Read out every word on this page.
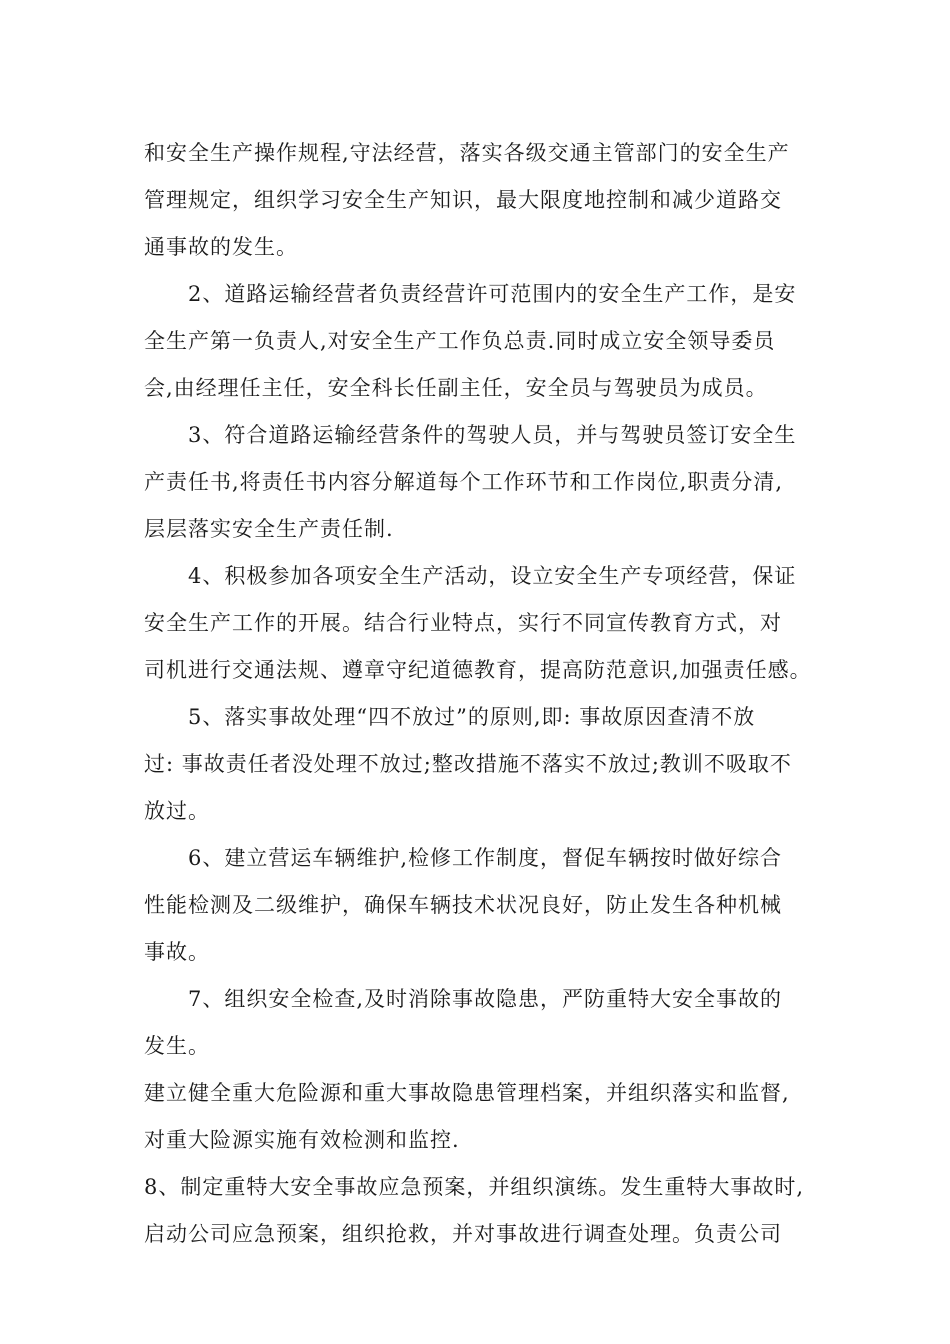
和安全生产操作规程,守法经营，落实各级交通主管部门的安全生产
管理规定，组织学习安全生产知识，最大限度地控制和减少道路交
通事故的发生。
　　2、道路运输经营者负责经营许可范围内的安全生产工作，是安
全生产第一负责人,对安全生产工作负总责.同时成立安全领导委员
会,由经理任主任，安全科长任副主任，安全员与驾驶员为成员。
　　3、符合道路运输经营条件的驾驶人员，并与驾驶员签订安全生
产责任书,将责任书内容分解道每个工作环节和工作岗位,职责分清,
层层落实安全生产责任制.
　　4、积极参加各项安全生产活动，设立安全生产专项经营，保证
安全生产工作的开展。结合行业特点，实行不同宣传教育方式，对
司机进行交通法规、遵章守纪道德教育，提高防范意识,加强责任感。
　　5、落实事故处理“四不放过”的原则,即: 事故原因查清不放
过: 事故责任者没处理不放过;整改措施不落实不放过;教训不吸取不
放过。
　　6、建立营运车辆维护,检修工作制度，督促车辆按时做好综合
性能检测及二级维护，确保车辆技术状况良好，防止发生各种机械
事故。
　　7、组织安全检查,及时消除事故隐患，严防重特大安全事故的
发生。
建立健全重大危险源和重大事故隐患管理档案，并组织落实和监督,
对重大险源实施有效检测和监控.
8、制定重特大安全事故应急预案，并组织演练。发生重特大事故时,
启动公司应急预案，组织抢救，并对事故进行调查处理。负责公司
